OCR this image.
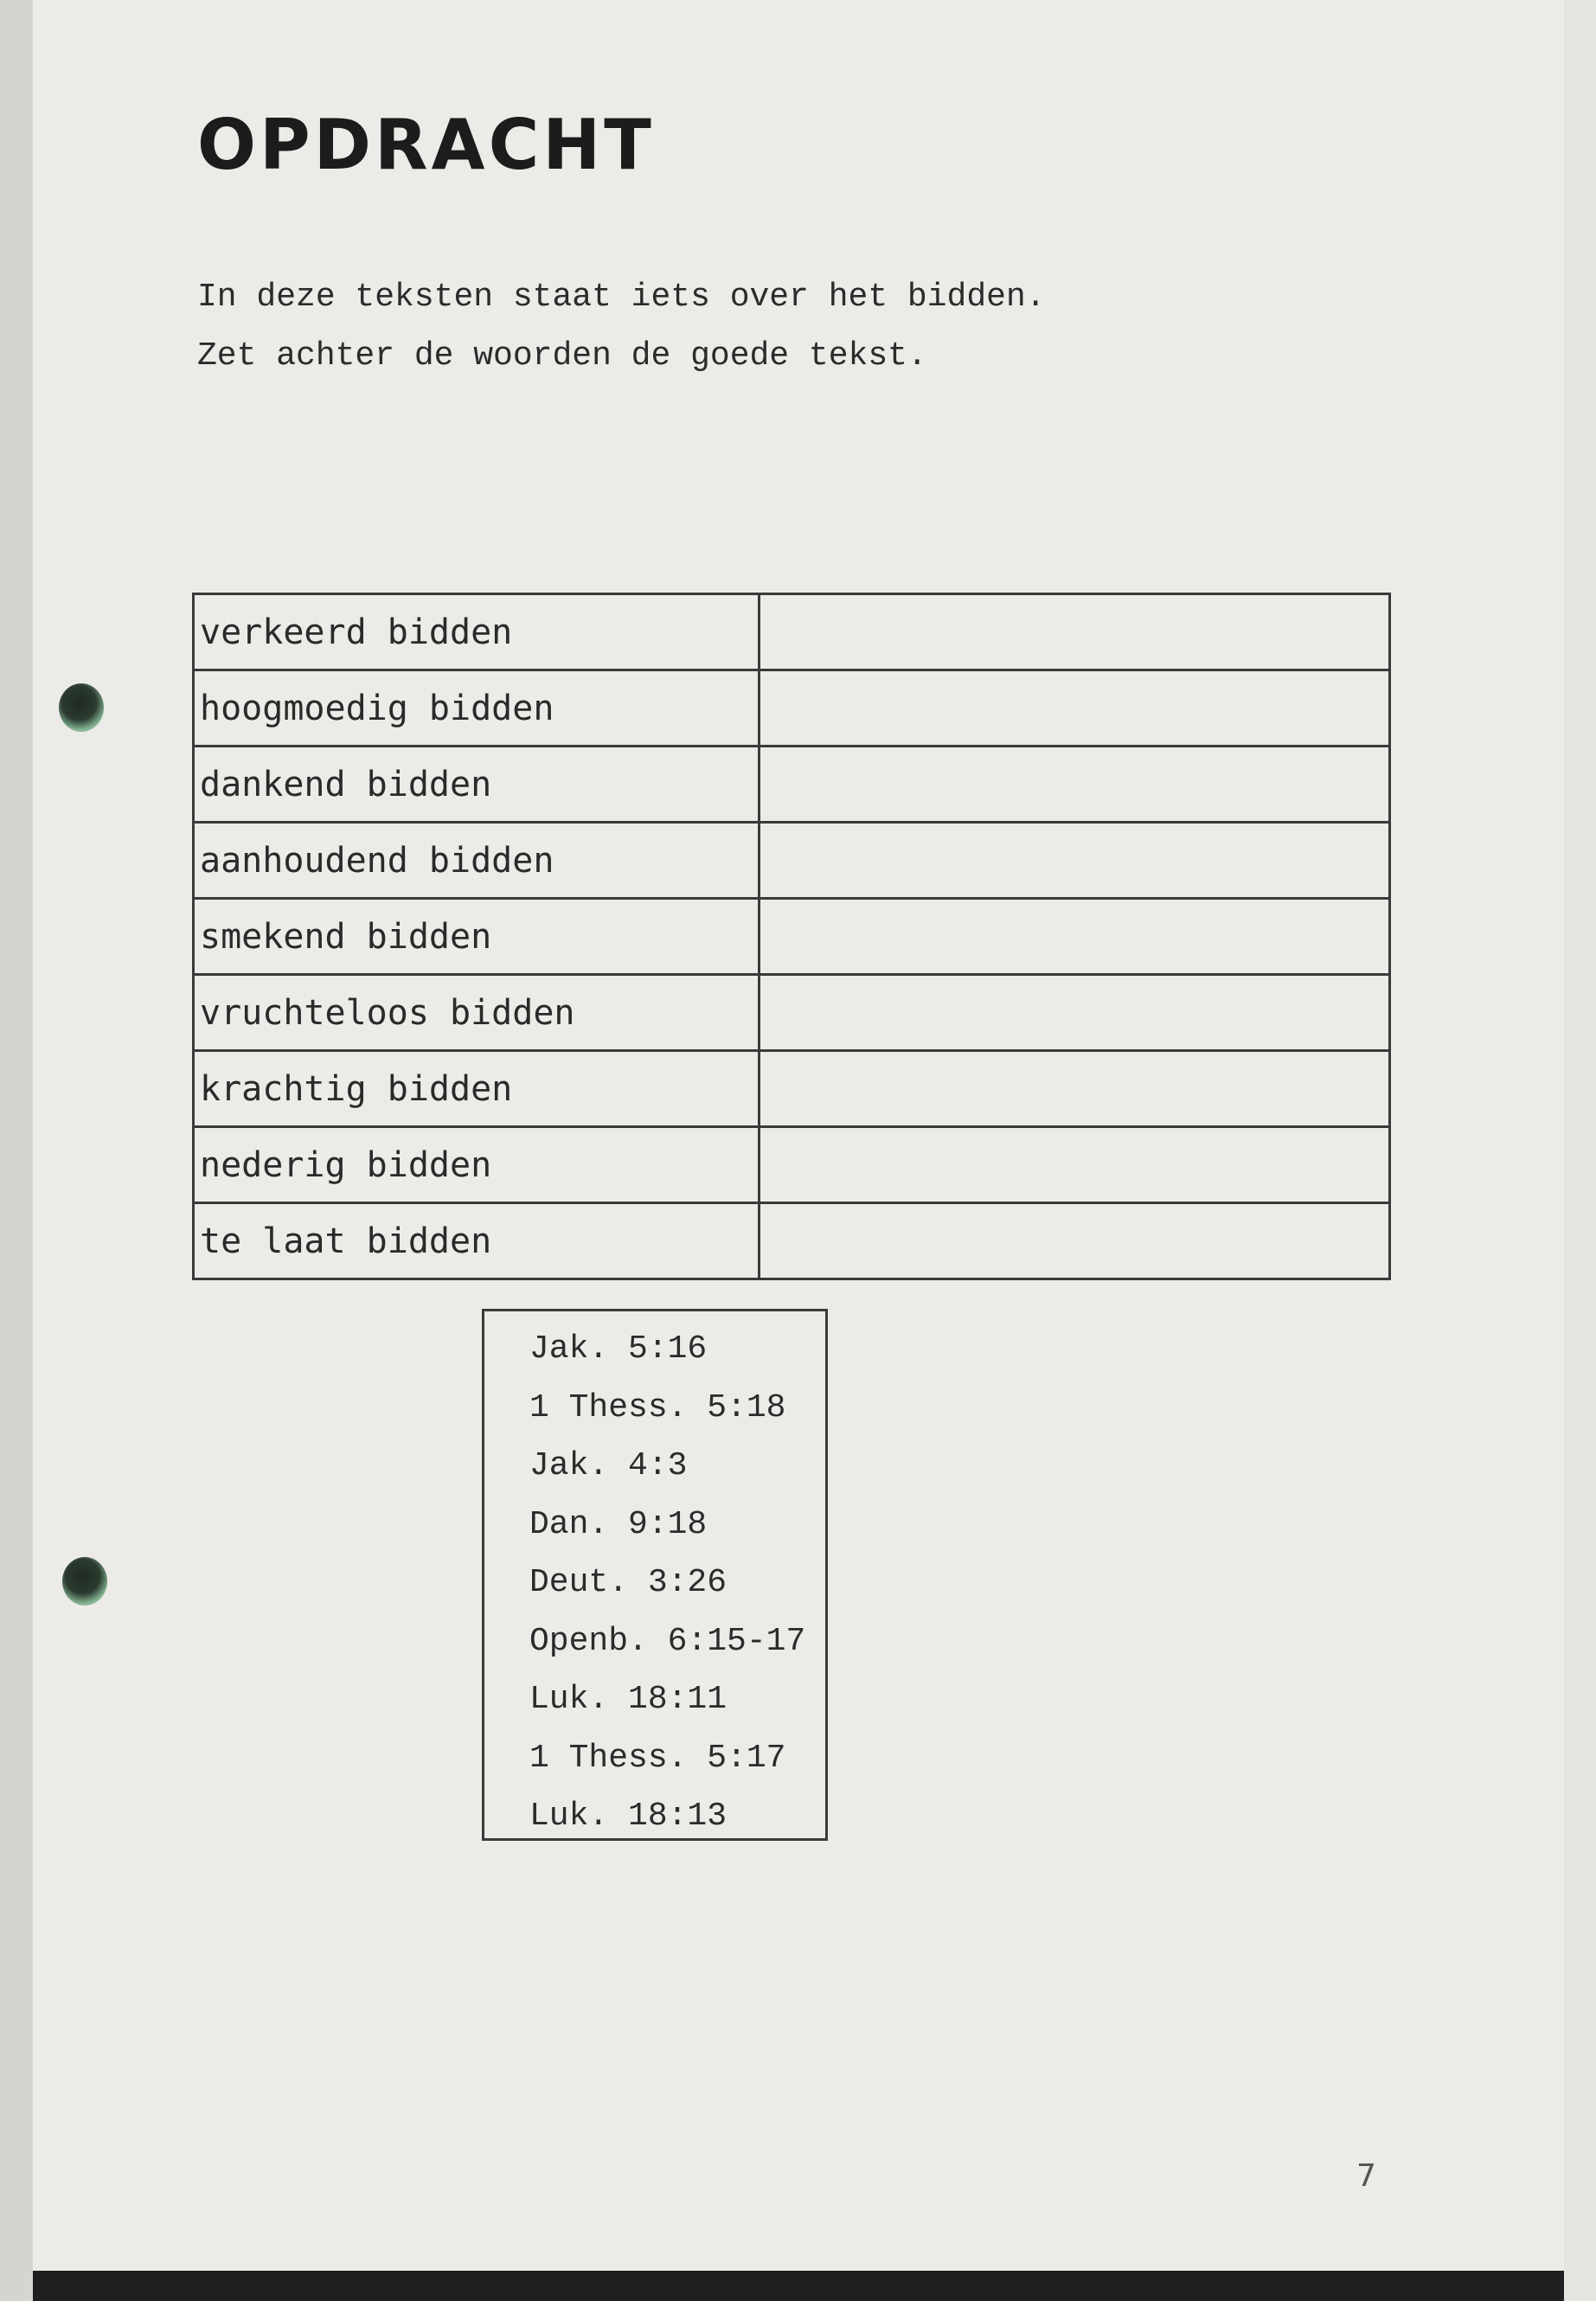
OPDRACHT
In deze teksten staat iets over het bidden.
Zet achter de woorden de goede tekst.
verkeerd bidden	
hoogmoedig bidden	
dankend bidden	
aanhoudend bidden	
smekend bidden	
vruchteloos bidden	
krachtig bidden	
nederig bidden	
te laat bidden	
Jak. 5:16
1 Thess. 5:18
Jak. 4:3
Dan. 9:18
Deut. 3:26
Openb. 6:15-17
Luk. 18:11
1 Thess. 5:17
Luk. 18:13
7
